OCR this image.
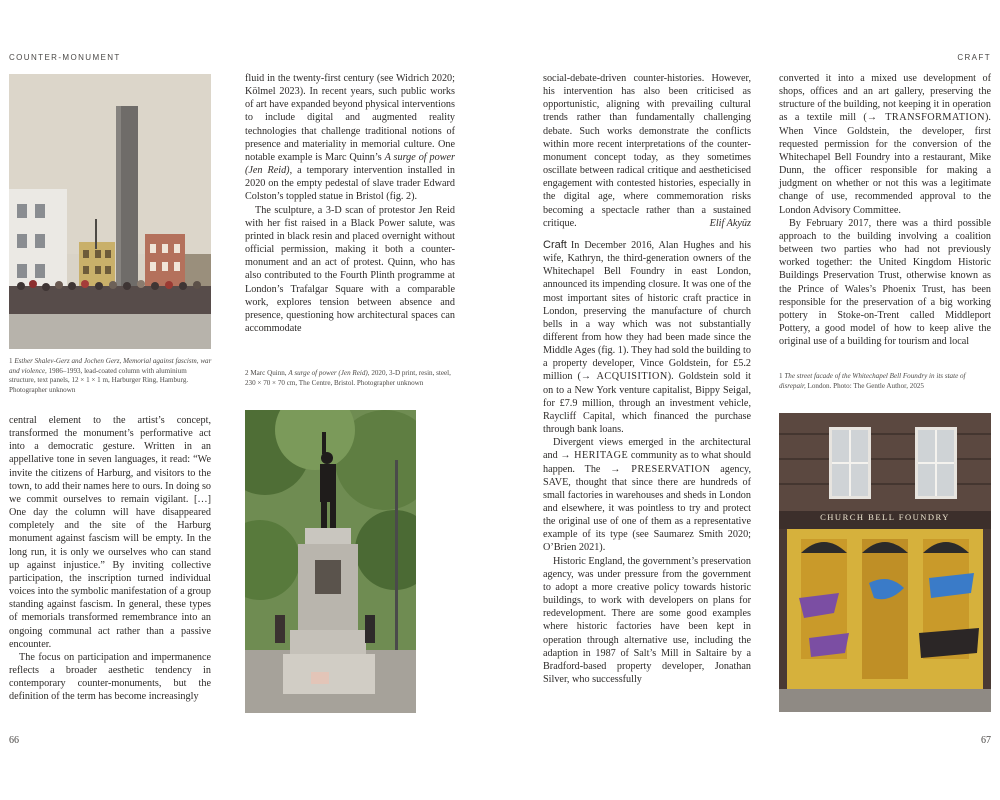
COUNTER-MONUMENT	CRAFT
1 Esther Shalev-Gerz and Jochen Gerz, Memorial against fascism, war and violence, 1986–1993, lead-coated column with aluminium structure, text panels, 12 × 1 × 1 m, Harburger Ring, Hamburg. Photographer unknown

central element to the artist’s concept, transformed the monument’s performative act into a democratic gesture. Written in an appellative tone in seven languages, it read: “We invite the citizens of Harburg, and visitors to the town, to add their names here to ours. In doing so we commit ourselves to remain vigilant. […] One day the column will have disappeared completely and the site of the Harburg monument against fascism will be empty. In the long run, it is only we ourselves who can stand up against injustice.” By inviting collective participation, the inscription turned individual voices into the symbolic manifestation of a group standing against fascism. In general, these types of memorials transformed remembrance into an ongoing communal act rather than a passive encounter.

The focus on participation and impermanence reflects a broader aesthetic tendency in contemporary counter-monuments, but the definition of the term has become increasingly

fluid in the twenty-first century (see Widrich 2020; Kölmel 2023). In recent years, such public works of art have expanded beyond physical interventions to include digital and augmented reality technologies that challenge traditional notions of presence and materiality in memorial culture. One notable example is Marc Quinn’s A surge of power (Jen Reid), a temporary intervention installed in 2020 on the empty pedestal of slave trader Edward Colston’s toppled statue in Bristol (fig. 2).

The sculpture, a 3-D scan of protestor Jen Reid with her fist raised in a Black Power salute, was printed in black resin and placed overnight without official permission, making it both a counter-monument and an act of protest. Quinn, who has also contributed to the Fourth Plinth programme at London’s Trafalgar Square with a comparable work, explores tension between absence and presence, questioning how architectural spaces can accommodate

2 Marc Quinn, A surge of power (Jen Reid), 2020, 3-D print, resin, steel, 230 × 70 × 70 cm, The Centre, Bristol. Photographer unknown

social-debate-driven counter-histories. However, his intervention has also been criticised as opportunistic, aligning with prevailing cultural trends rather than fundamentally challenging debate. Such works demonstrate the conflicts within more recent interpretations of the counter-monument concept today, as they sometimes oscillate between radical critique and aestheticised engagement with contested histories, especially in the digital age, where commemoration risks becoming a spectacle rather than a sustained critique.	Elif Akyüz

Craft In December 2016, Alan Hughes and his wife, Kathryn, the third-generation owners of the Whitechapel Bell Foundry in east London, announced its impending closure. It was one of the most important sites of historic craft practice in London, preserving the manufacture of church bells in a way which was not substantially different from how they had been made since the Middle Ages (fig. 1). They had sold the building to a property developer, Vince Goldstein, for £5.2 million (→ ACQUISITION). Goldstein sold it on to a New York venture capitalist, Bippy Seigal, for £7.9 million, through an investment vehicle, Raycliff Capital, which financed the purchase through bank loans.

Divergent views emerged in the architectural and → HERITAGE community as to what should happen. The → PRESERVATION agency, SAVE, thought that since there are hundreds of small factories in warehouses and sheds in London and elsewhere, it was pointless to try and protect the original use of one of them as a representative example of its type (see Saumarez Smith 2020; O’Brien 2021).

Historic England, the government’s preservation agency, was under pressure from the government to adopt a more creative policy towards historic buildings, to work with developers on plans for redevelopment. There are some good examples where historic factories have been kept in operation through alternative use, including the adaption in 1987 of Salt’s Mill in Saltaire by a Bradford-based property developer, Jonathan Silver, who successfully

converted it into a mixed use development of shops, offices and an art gallery, preserving the structure of the building, not keeping it in operation as a textile mill (→ TRANSFORMATION). When Vince Goldstein, the developer, first requested permission for the conversion of the Whitechapel Bell Foundry into a restaurant, Mike Dunn, the officer responsible for making a judgment on whether or not this was a legitimate change of use, recommended approval to the London Advisory Committee.

By February 2017, there was a third possible approach to the building involving a coalition between two parties who had not previously worked together: the United Kingdom Historic Buildings Preservation Trust, otherwise known as the Prince of Wales’s Phoenix Trust, has been responsible for the preservation of a big working pottery in Stoke-on-Trent called Middleport Pottery, a good model of how to keep alive the original use of a building for tourism and local

1 The street facade of the Whitechapel Bell Foundry in its state of disrepair, London. Photo: The Gentle Author, 2025
CHURCH BELL FOUNDRY
66	67
